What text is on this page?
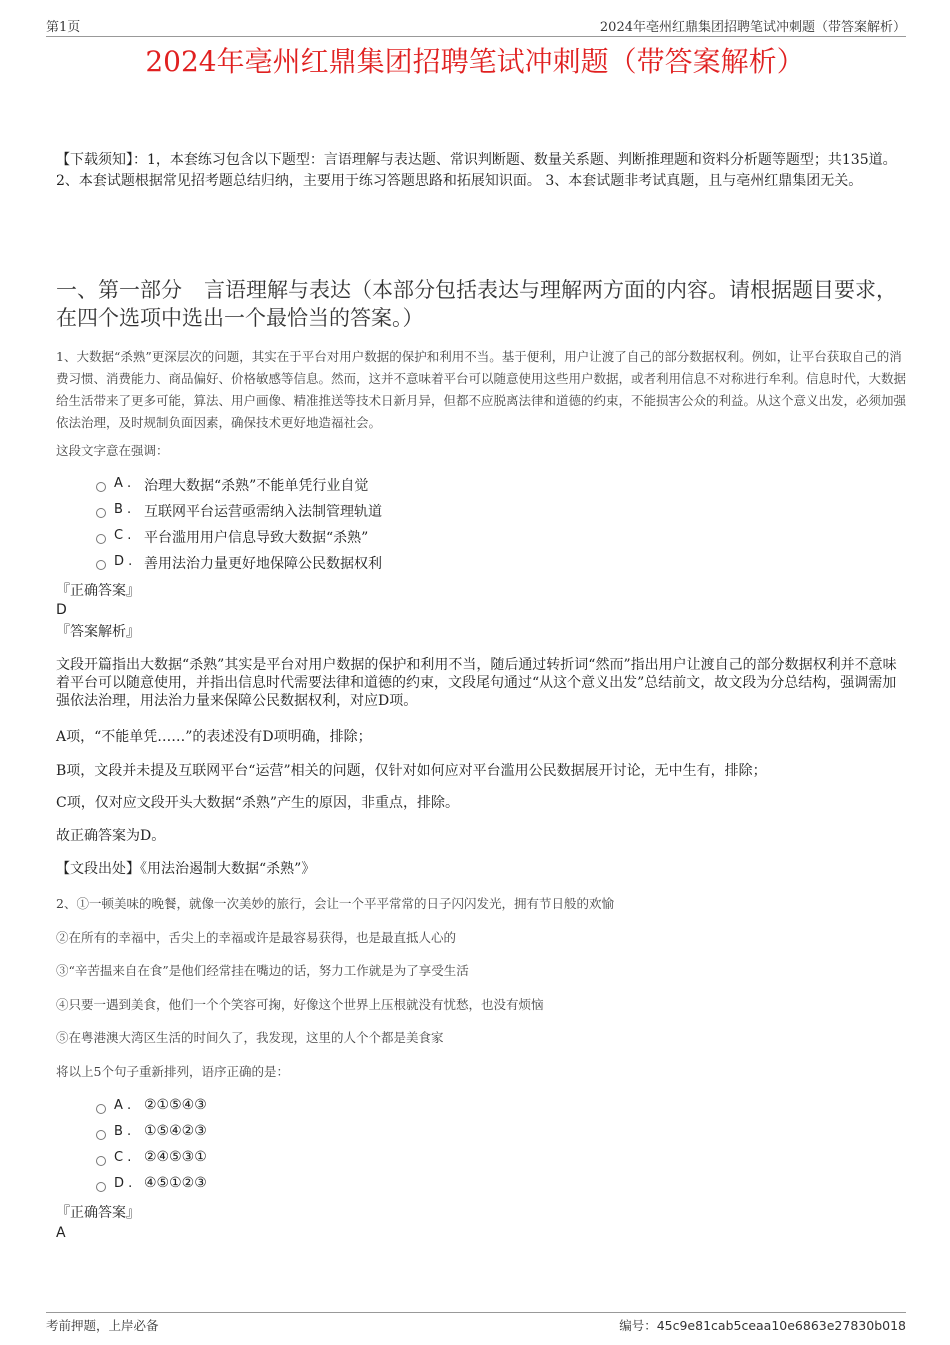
第1页	2024年亳州红鼎集团招聘笔试冲刺题（带答案解析）
2024年亳州红鼎集团招聘笔试冲刺题（带答案解析）
【下载须知】：1，本套练习包含以下题型：言语理解与表达题、常识判断题、数量关系题、判断推理题和资料分析题等题型；共135道。 2、本套试题根据常见招考题总结归纳，主要用于练习答题思路和拓展知识面。 3、本套试题非考试真题，且与亳州红鼎集团无关。
一、第一部分 言语理解与表达（本部分包括表达与理解两方面的内容。请根据题目要求，在四个选项中选出一个最恰当的答案。）
1、大数据“杀熟”更深层次的问题，其实在于平台对用户数据的保护和利用不当。基于便利，用户让渡了自己的部分数据权利。例如，让平台获取自己的消费习惯、消费能力、商品偏好、价格敏感等信息。然而，这并不意味着平台可以随意使用这些用户数据，或者利用信息不对称进行牟利。信息时代，大数据给生活带来了更多可能，算法、用户画像、精准推送等技术日新月异，但都不应脱离法律和道德的约束，不能损害公众的利益。从这个意义出发，必须加强依法治理，及时规制负面因素，确保技术更好地造福社会。
这段文字意在强调：
A . 治理大数据“杀熟”不能单凭行业自觉
B . 互联网平台运营亟需纳入法制管理轨道
C . 平台滥用用户信息导致大数据“杀熟”
D . 善用法治力量更好地保障公民数据权利
『正确答案』
D
『答案解析』
文段开篇指出大数据“杀熟”其实是平台对用户数据的保护和利用不当，随后通过转折词“然而”指出用户让渡自己的部分数据权利并不意味着平台可以随意使用，并指出信息时代需要法律和道德的约束，文段尾句通过“从这个意义出发”总结前文，故文段为分总结构，强调需加强依法治理，用法治力量来保障公民数据权利，对应D项。
A项，“不能单凭……”的表述没有D项明确，排除；
B项，文段并未提及互联网平台“运营”相关的问题，仅针对如何应对平台滥用公民数据展开讨论，无中生有，排除；
C项，仅对应文段开头大数据“杀熟”产生的原因，非重点，排除。
故正确答案为D。
【文段出处】《用法治遏制大数据“杀熟”》
2、①一顿美味的晚餐，就像一次美妙的旅行，会让一个平平常常的日子闪闪发光，拥有节日般的欢愉
②在所有的幸福中，舌尖上的幸福或许是最容易获得，也是最直抵人心的
③“辛苦揾来自在食”是他们经常挂在嘴边的话，努力工作就是为了享受生活
④只要一遇到美食，他们一个个笑容可掬，好像这个世界上压根就没有忧愁，也没有烦恼
⑤在粤港澳大湾区生活的时间久了，我发现，这里的人个个都是美食家
将以上5个句子重新排列，语序正确的是：
A . ②①⑤④③
B . ①⑤④②③
C . ②④⑤③①
D . ④⑤①②③
『正确答案』
A
考前押题，上岸必备	编号：45c9e81cab5ceaa10e6863e27830b018
